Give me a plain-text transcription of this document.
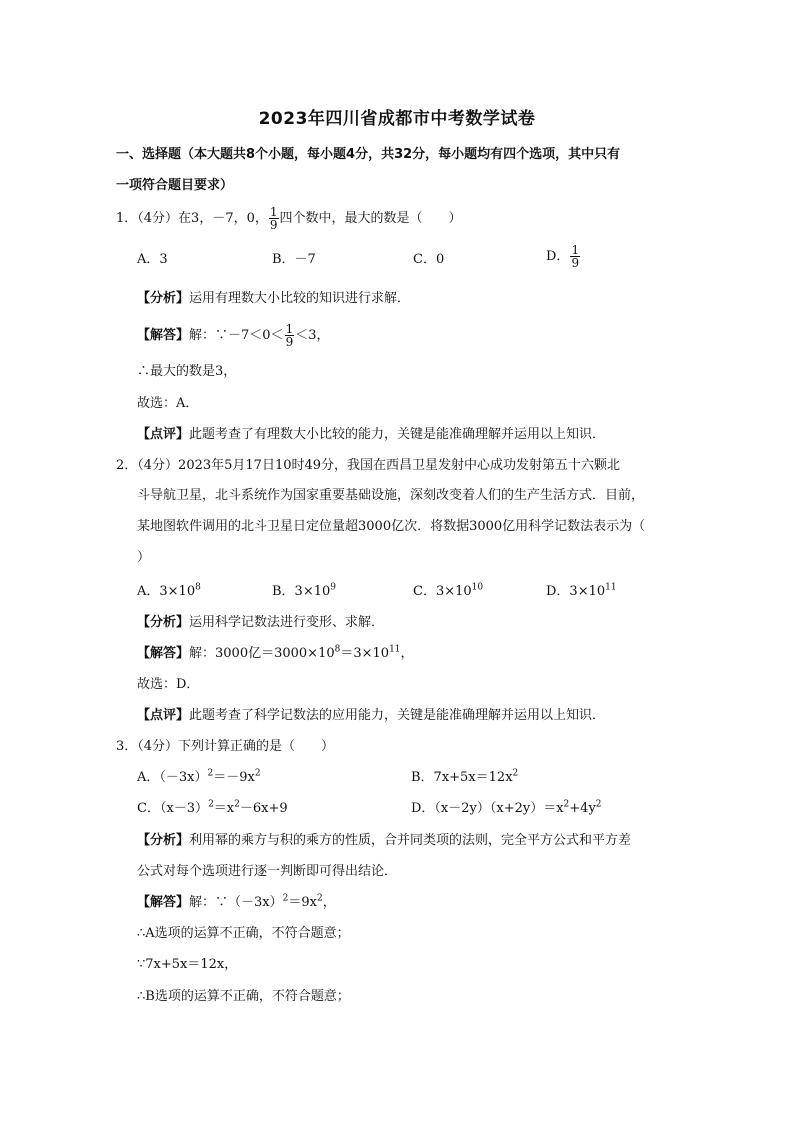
2023年四川省成都市中考数学试卷
一、选择题（本大题共8个小题，每小题4分，共32分，每小题均有四个选项，其中只有
一项符合题目要求）
1．（4分）在3，－7，0， $\frac{1}{9}$ 四个数中，最大的数是（　　）
A．3	B．－7	C．0	D． $\frac{1}{9}$
【分析】运用有理数大小比较的知识进行求解．
【解答】解：∵－7＜0＜ $\frac{1}{9} <3$，
∴最大的数是3，
故选：A．
【点评】此题考查了有理数大小比较的能力，关键是能准确理解并运用以上知识．
2．（4分）2023年5月17日10时49分，我国在西昌卫星发射中心成功发射第五十六颗北
斗导航卫星，北斗系统作为国家重要基础设施，深刻改变着人们的生产生活方式．目前，
某地图软件调用的北斗卫星日定位量超3000亿次．将数据3000亿用科学记数法表示为（
）
A．$3\times 10^8$	B．$3\times 10^9$	C．$3\times 10^{10}$	D．$3\times 10^{11}$
【分析】运用科学记数法进行变形、求解．
【解答】解：3000亿$=3000\times 10^8=3\times 10^{11}$，
故选：D．
【点评】此题考查了科学记数法的应用能力，关键是能准确理解并运用以上知识．
3．（4分）下列计算正确的是（　　）
A．$(-3x)^2=-9x^2$	B．$7x+5x=12x^2$
C．$(x-3)^2=x^2-6x+9$	D．$(x-2y)(x+2y)=x^2+4y^2$
【分析】利用幂的乘方与积的乘方的性质，合并同类项的法则，完全平方公式和平方差
公式对每个选项进行逐一判断即可得出结论．
【解答】解：$\because(-3x)^2=9x^2$，
∴A选项的运算不正确，不符合题意；
∵7x+5x＝12x，
∴B选项的运算不正确，不符合题意；
